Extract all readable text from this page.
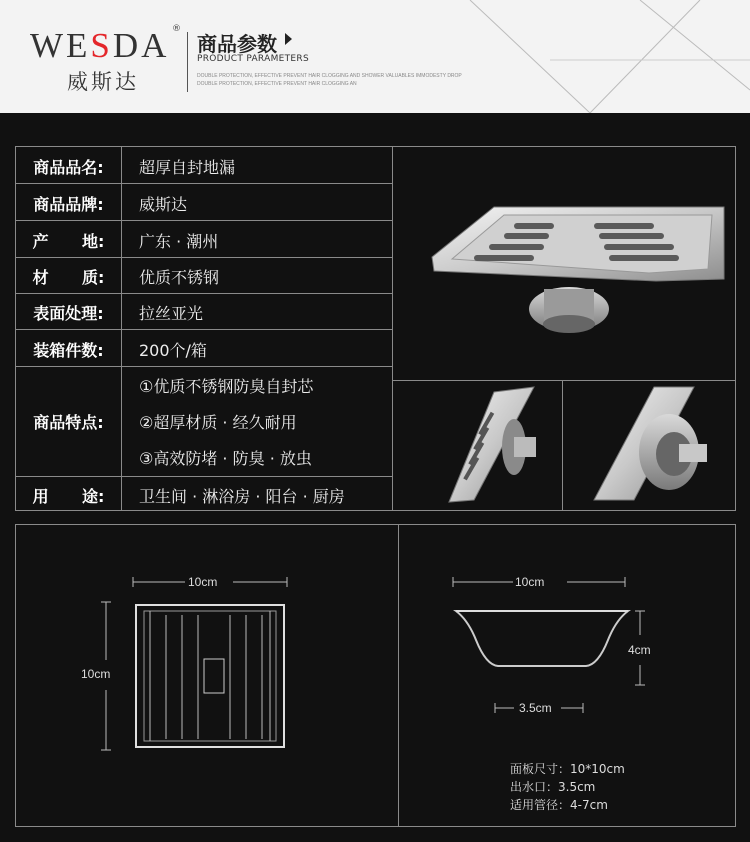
WESDA ®
威斯达
商品参数
PRODUCT PARAMETERS
DOUBLE PROTECTION, EFFECTIVE PREVENT HAIR CLOGGING AND SHOWER VALUABLES IMMODESTY DROP
DOUBLE PROTECTION, EFFECTIVE PREVENT HAIR CLOGGING AN
商品品名:	超厚自封地漏
商品品牌:	威斯达
产      地:	广东 · 潮州
材      质:	优质不锈钢
表面处理:	拉丝亚光
装箱件数:	200个/箱
商品特点:
①优质不锈钢防臭自封芯
②超厚材质 · 经久耐用
③高效防堵 · 防臭 · 放虫
用      途:	卫生间 · 淋浴房 · 阳台 · 厨房
10cm
10cm
10cm
4cm
3.5cm
面板尺寸：10*10cm
出水口：3.5cm
适用管径：4-7cm
